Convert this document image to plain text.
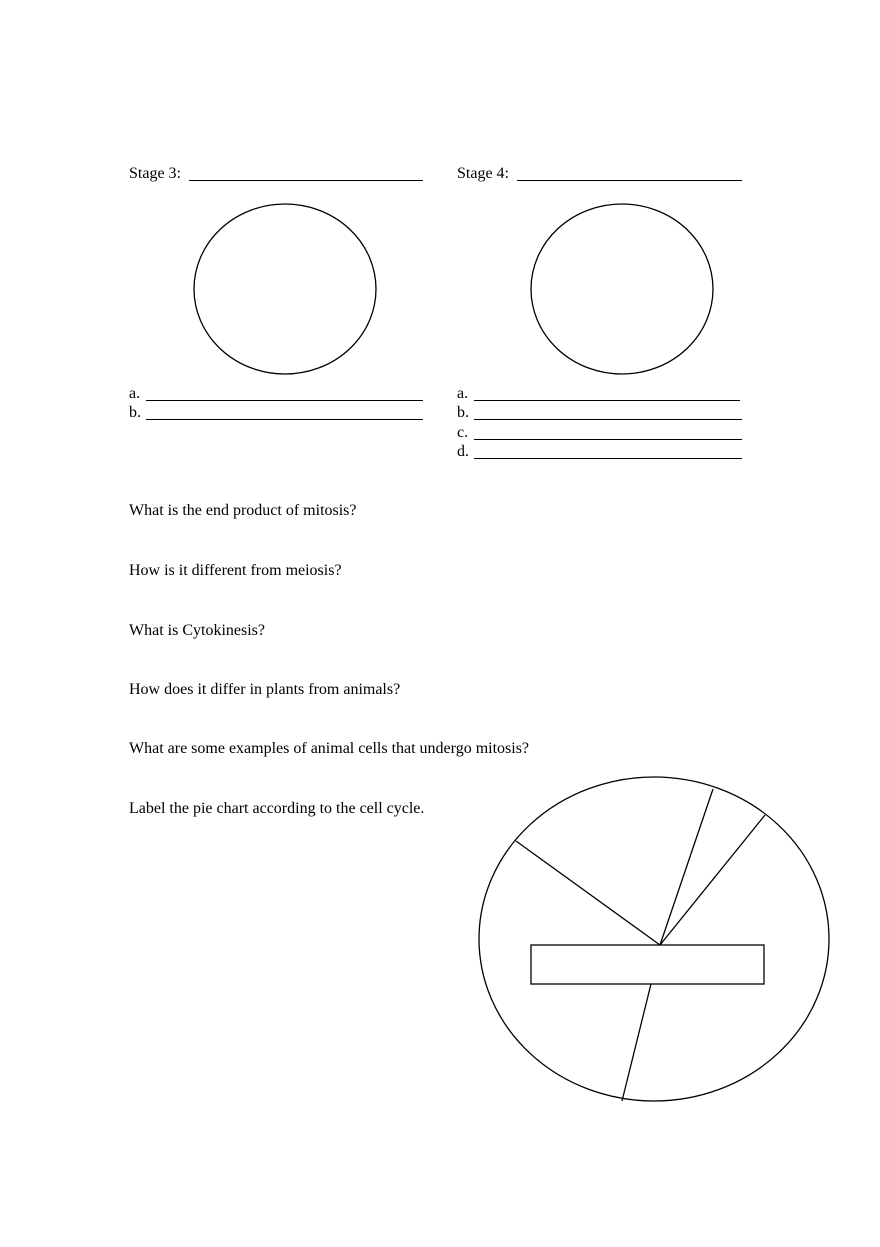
Stage 3:	Stage 4:
a.
b.
a.
b.
c.
d.
What is the end product of mitosis?
How is it different from meiosis?
What is Cytokinesis?
How does it differ in plants from animals?
What are some examples of animal cells that undergo mitosis?
Label the pie chart according to the cell cycle.
